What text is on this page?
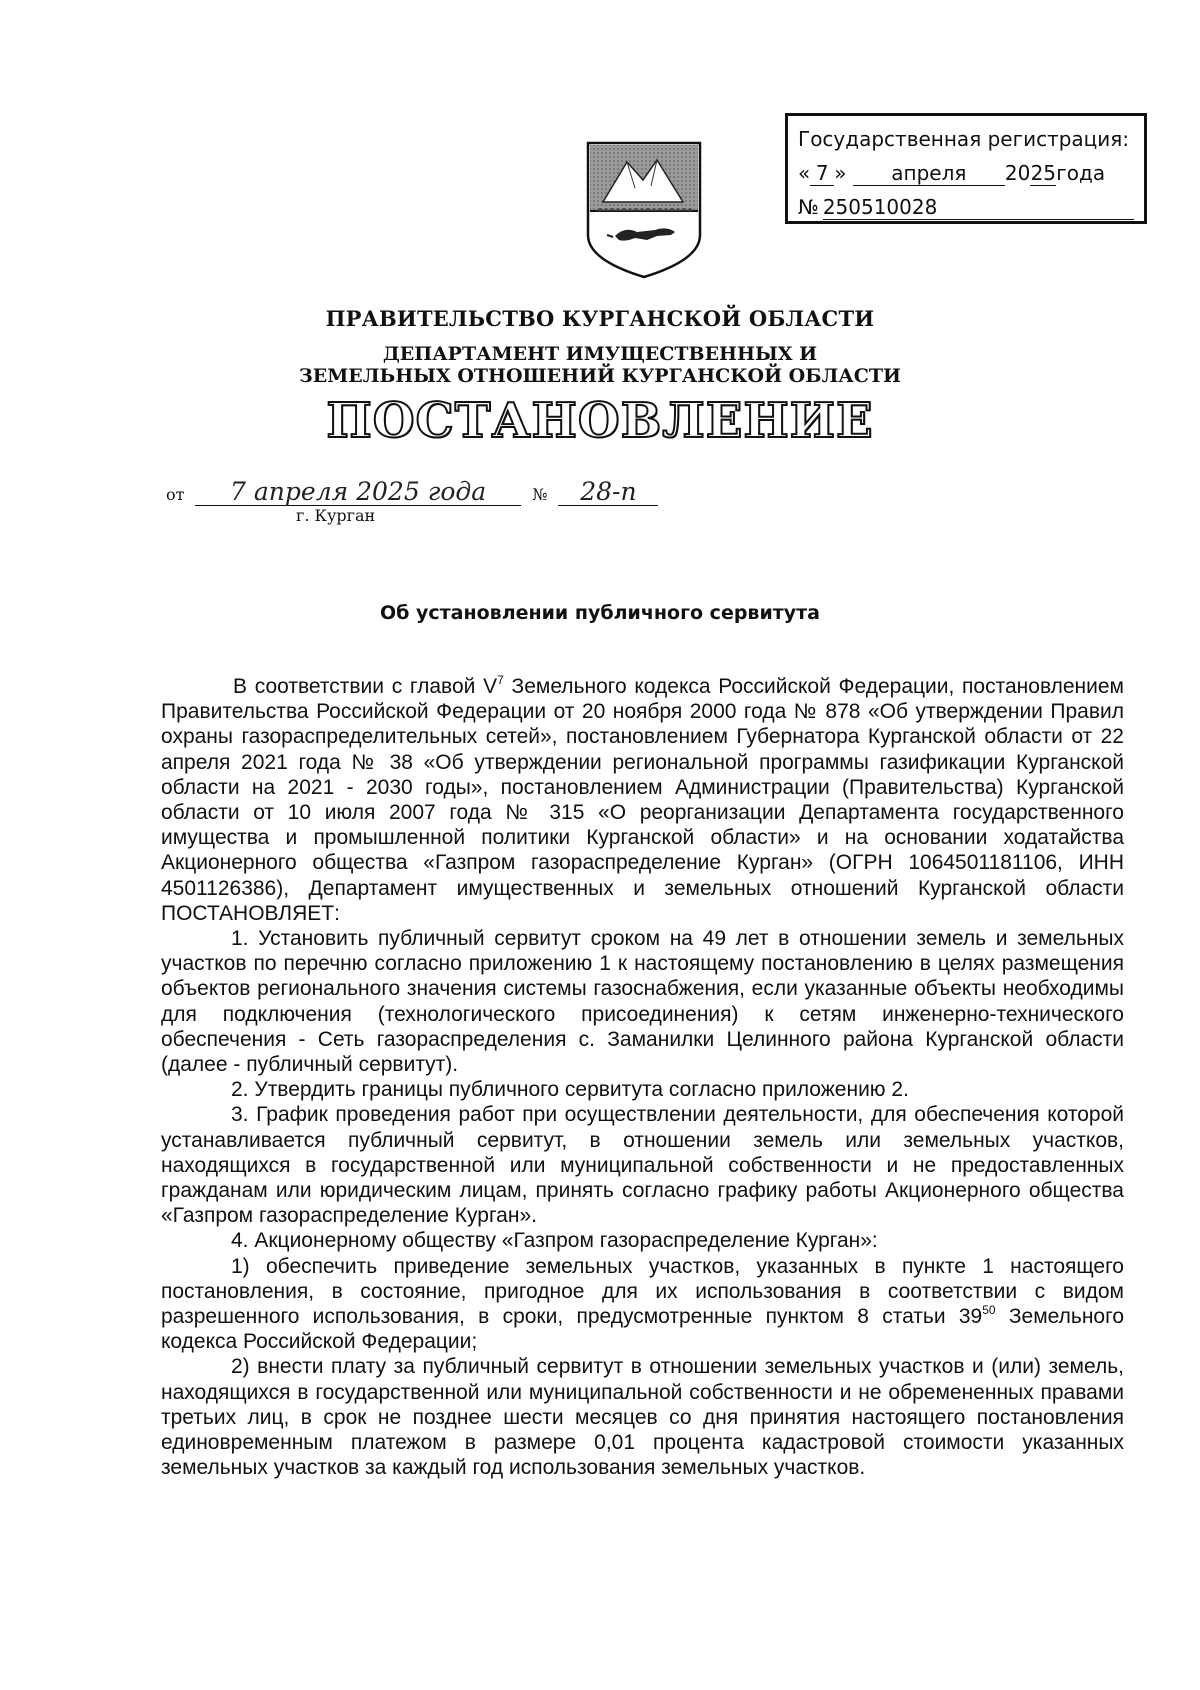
Государственная регистрация:
« 7 »	апреля	20 25 года
№ 250510028
ПРАВИТЕЛЬСТВО КУРГАНСКОЙ ОБЛАСТИ
ДЕПАРТАМЕНТ ИМУЩЕСТВЕННЫХ И
ЗЕМЕЛЬНЫХ ОТНОШЕНИЙ КУРГАНСКОЙ ОБЛАСТИ
ПОСТАНОВЛЕНИЕ
от 7 апреля 2025 года	№ 28-п
г. Курган
Об установлении публичного сервитута

В соответствии с главой $V^7$ Земельного кодекса Российской Федерации, постановлением Правительства Российской Федерации от 20 ноября 2000 года № 878 «Об утверждении Правил охраны газораспределительных сетей», постановлением Губернатора Курганской области от 22 апреля 2021 года № 38 «Об утверждении региональной программы газификации Курганской области на 2021 - 2030 годы», постановлением Администрации (Правительства) Курганской области от 10 июля 2007 года № 315 «О реорганизации Департамента государственного имущества и промышленной политики Курганской области» и на основании ходатайства Акционерного общества «Газпром газораспределение Курган» (ОГРН 1064501181106, ИНН 4501126386), Департамент имущественных и земельных отношений Курганской области ПОСТАНОВЛЯЕТ:

1. Установить публичный сервитут сроком на 49 лет в отношении земель и земельных участков по перечню согласно приложению 1 к настоящему постановлению в целях размещения объектов регионального значения системы газоснабжения, если указанные объекты необходимы для подключения (технологического присоединения) к сетям инженерно-технического обеспечения - Сеть газораспределения с. Заманилки Целинного района Курганской области (далее - публичный сервитут).

2. Утвердить границы публичного сервитута согласно приложению 2.

3. График проведения работ при осуществлении деятельности, для обеспечения которой устанавливается публичный сервитут, в отношении земель или земельных участков, находящихся в государственной или муниципальной собственности и не предоставленных гражданам или юридическим лицам, принять согласно графику работы Акционерного общества «Газпром газораспределение Курган».

4. Акционерному обществу «Газпром газораспределение Курган»:

1) обеспечить приведение земельных участков, указанных в пункте 1 настоящего постановления, в состояние, пригодное для их использования в соответствии с видом разрешенного использования, в сроки, предусмотренные пунктом 8 статьи $39^{50}$ Земельного кодекса Российской Федерации;

2) внести плату за публичный сервитут в отношении земельных участков и (или) земель, находящихся в государственной или муниципальной собственности и не обремененных правами третьих лиц, в срок не позднее шести месяцев со дня принятия настоящего постановления единовременным платежом в размере 0,01 процента кадастровой стоимости указанных земельных участков за каждый год использования земельных участков.
